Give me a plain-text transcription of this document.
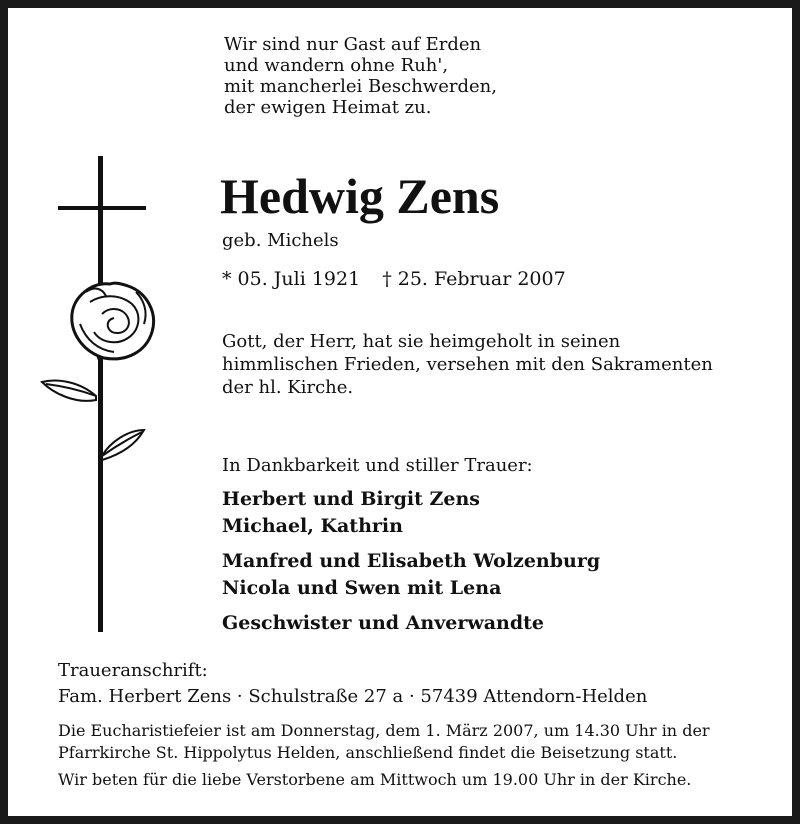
Wir sind nur Gast auf Erden
und wandern ohne Ruh',
mit mancherlei Beschwerden,
der ewigen Heimat zu.
Hedwig Zens
geb. Michels
* 05. Juli 1921 † 25. Februar 2007
Gott, der Herr, hat sie heimgeholt in seinen
himmlischen Frieden, versehen mit den Sakramenten
der hl. Kirche.
In Dankbarkeit und stiller Trauer:
Herbert und Birgit Zens
Michael, Kathrin
Manfred und Elisabeth Wolzenburg
Nicola und Swen mit Lena
Geschwister und Anverwandte
Traueranschrift:
Fam. Herbert Zens · Schulstraße 27 a · 57439 Attendorn-Helden
Die Eucharistiefeier ist am Donnerstag, dem 1. März 2007, um 14.30 Uhr in der
Pfarrkirche St. Hippolytus Helden, anschließend findet die Beisetzung statt.
Wir beten für die liebe Verstorbene am Mittwoch um 19.00 Uhr in der Kirche.
